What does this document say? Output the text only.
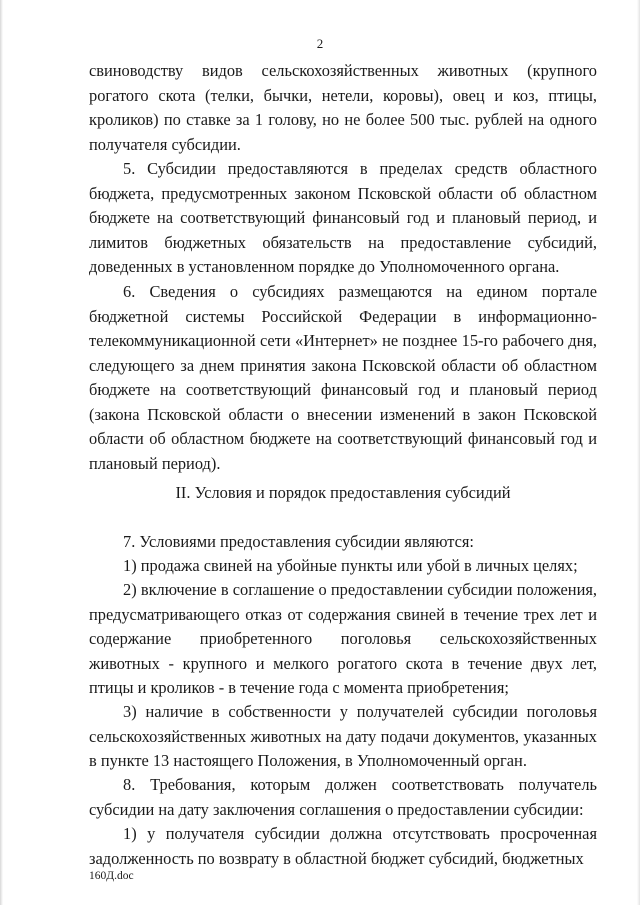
2

свиноводству видов сельскохозяйственных животных (крупного рогатого скота (телки, бычки, нетели, коровы), овец и коз, птицы, кроликов) по ставке за 1 голову, но не более 500 тыс. рублей на одного получателя субсидии.

5. Субсидии предоставляются в пределах средств областного бюджета, предусмотренных законом Псковской области об областном бюджете на соответствующий финансовый год и плановый период, и лимитов бюджетных обязательств на предоставление субсидий, доведенных в установленном порядке до Уполномоченного органа.

6. Сведения о субсидиях размещаются на едином портале бюджетной системы Российской Федерации в информационно-телекоммуникационной сети «Интернет» не позднее 15-го рабочего дня, следующего за днем принятия закона Псковской области об областном бюджете на соответствующий финансовый год и плановый период (закона Псковской области о внесении изменений в закон Псковской области об областном бюджете на соответствующий финансовый год и плановый период).

II. Условия и порядок предоставления субсидий

7. Условиями предоставления субсидии являются:

1) продажа свиней на убойные пункты или убой в личных целях;

2) включение в соглашение о предоставлении субсидии положения, предусматривающего отказ от содержания свиней в течение трех лет и содержание приобретенного поголовья сельскохозяйственных животных - крупного и мелкого рогатого скота в течение двух лет, птицы и кроликов - в течение года с момента приобретения;

3) наличие в собственности у получателей субсидии поголовья сельскохозяйственных животных на дату подачи документов, указанных в пункте 13 настоящего Положения, в Уполномоченный орган.

8. Требования, которым должен соответствовать получатель субсидии на дату заключения соглашения о предоставлении субсидии:

1) у получателя субсидии должна отсутствовать просроченная задолженность по возврату в областной бюджет субсидий, бюджетных

160Д.doc
